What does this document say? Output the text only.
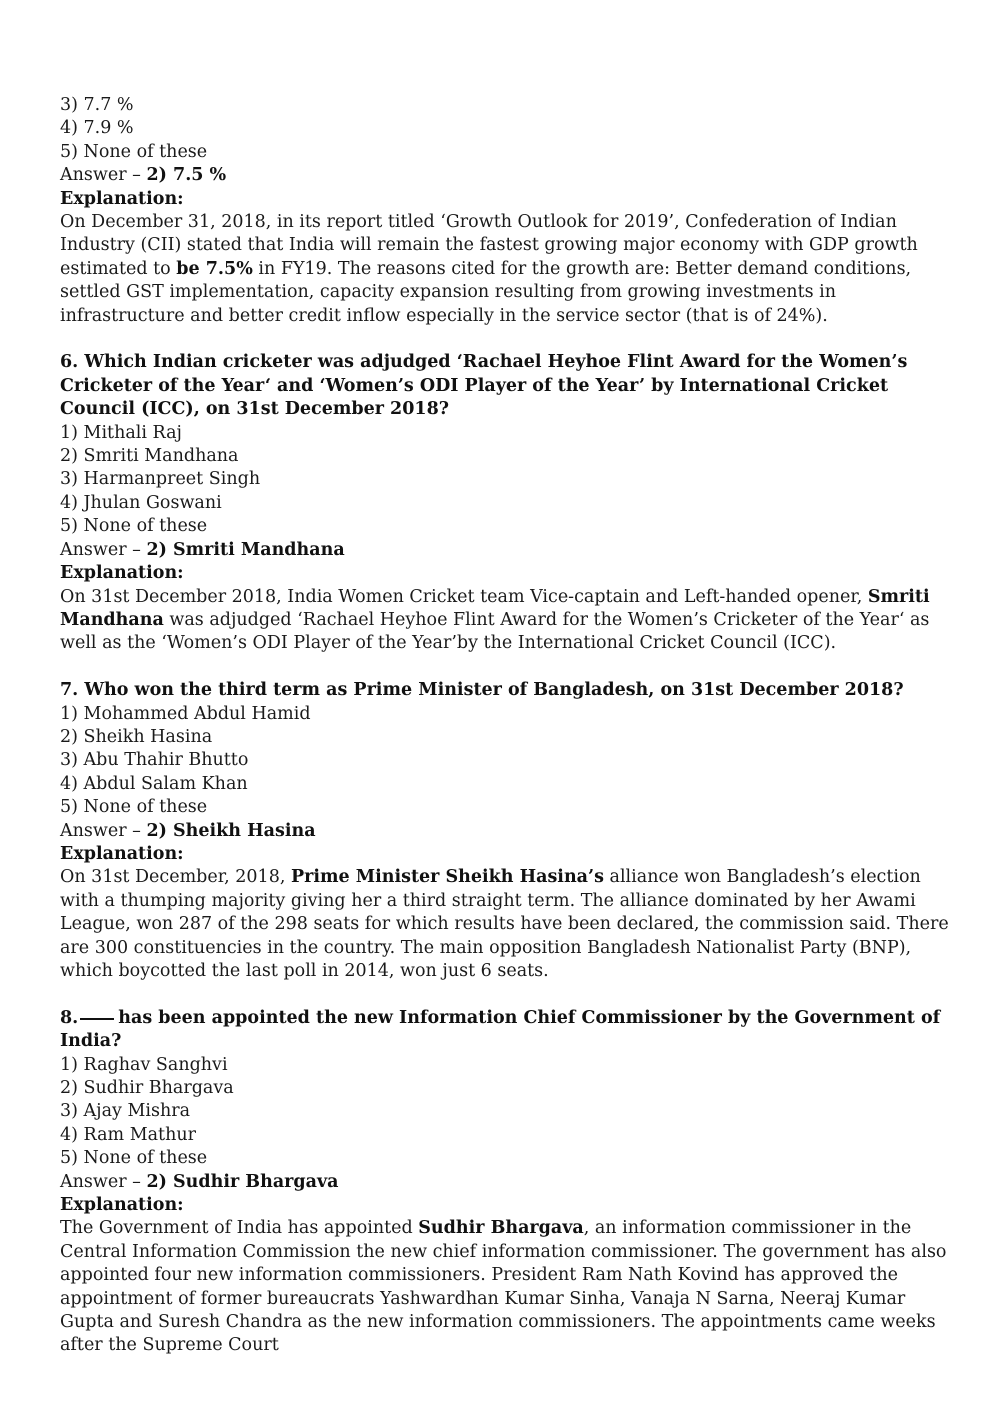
3) 7.7 %
4) 7.9 %
5) None of these
Answer – 2) 7.5 %
Explanation:
On December 31, 2018, in its report titled ‘Growth Outlook for 2019’, Confederation of Indian Industry (CII) stated that India will remain the fastest growing major economy with GDP growth estimated to be 7.5% in FY19. The reasons cited for the growth are: Better demand conditions, settled GST implementation, capacity expansion resulting from growing investments in infrastructure and better credit inflow especially in the service sector (that is of 24%).
6. Which Indian cricketer was adjudged ‘Rachael Heyhoe Flint Award for the Women’s Cricketer of the Year‘ and ‘Women’s ODI Player of the Year’ by International Cricket Council (ICC), on 31st December 2018?
1) Mithali Raj
2) Smriti Mandhana
3) Harmanpreet Singh
4) Jhulan Goswani
5) None of these
Answer – 2) Smriti Mandhana
Explanation:
On 31st December 2018, India Women Cricket team Vice-captain and Left-handed opener, Smriti Mandhana was adjudged ‘Rachael Heyhoe Flint Award for the Women’s Cricketer of the Year‘ as well as the ‘Women’s ODI Player of the Year’by the International Cricket Council (ICC).
7. Who won the third term as Prime Minister of Bangladesh, on 31st December 2018?
1) Mohammed Abdul Hamid
2) Sheikh Hasina
3) Abu Thahir Bhutto
4) Abdul Salam Khan
5) None of these
Answer – 2) Sheikh Hasina
Explanation:
On 31st December, 2018, Prime Minister Sheikh Hasina’s alliance won Bangladesh’s election with a thumping majority giving her a third straight term. The alliance dominated by her Awami League, won 287 of the 298 seats for which results have been declared, the commission said. There are 300 constituencies in the country. The main opposition Bangladesh Nationalist Party (BNP), which boycotted the last poll in 2014, won just 6 seats.
8. has been appointed the new Information Chief Commissioner by the Government of India?
1) Raghav Sanghvi
2) Sudhir Bhargava
3) Ajay Mishra
4) Ram Mathur
5) None of these
Answer – 2) Sudhir Bhargava
Explanation:
The Government of India has appointed Sudhir Bhargava, an information commissioner in the Central Information Commission the new chief information commissioner. The government has also appointed four new information commissioners. President Ram Nath Kovind has approved the appointment of former bureaucrats Yashwardhan Kumar Sinha, Vanaja N Sarna, Neeraj Kumar Gupta and Suresh Chandra as the new information commissioners. The appointments came weeks after the Supreme Court
